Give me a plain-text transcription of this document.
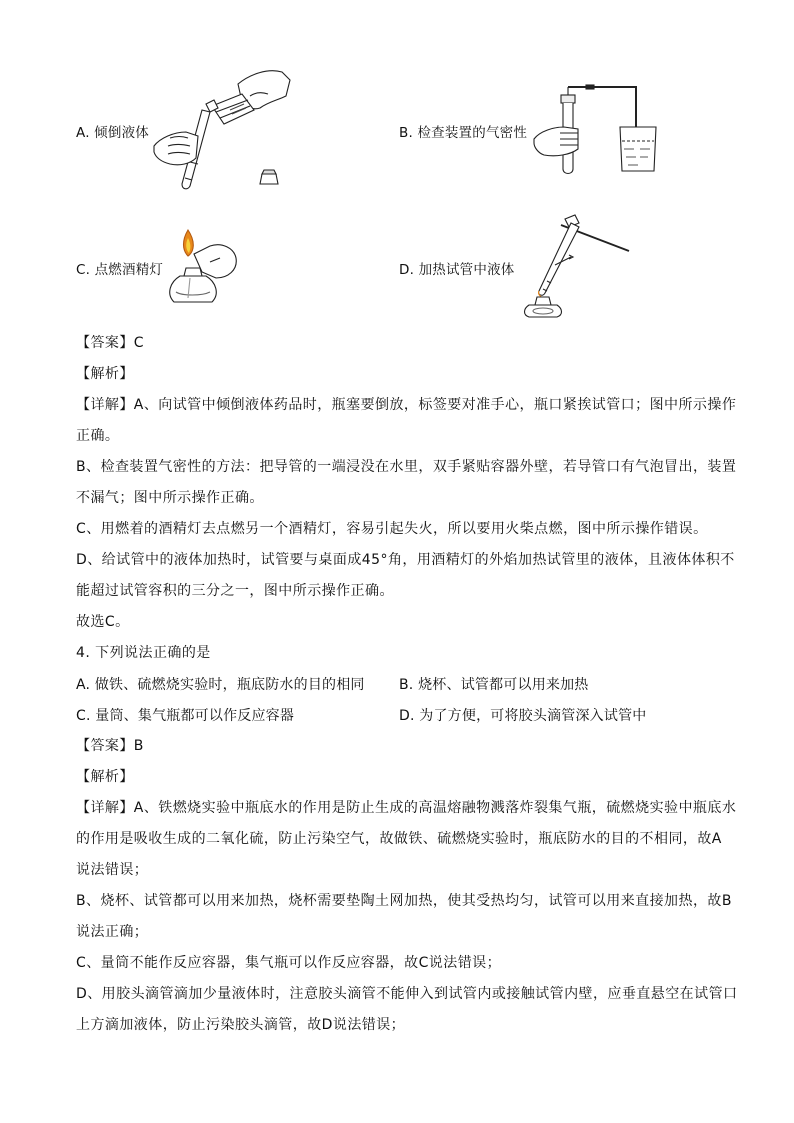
A. 倾倒液体	B. 检查装置的气密性
C. 点燃酒精灯	D. 加热试管中液体
【答案】C
【解析】
【详解】A、向试管中倾倒液体药品时，瓶塞要倒放，标签要对准手心，瓶口紧挨试管口；图中所示操作
正确。
B、检查装置气密性的方法：把导管的一端浸没在水里，双手紧贴容器外壁，若导管口有气泡冒出，装置
不漏气；图中所示操作正确。
C、用燃着的酒精灯去点燃另一个酒精灯，容易引起失火，所以要用火柴点燃，图中所示操作错误。
D、给试管中的液体加热时，试管要与桌面成45°角，用酒精灯的外焰加热试管里的液体，且液体体积不
能超过试管容积的三分之一，图中所示操作正确。
故选C。
4. 下列说法正确的是
A. 做铁、硫燃烧实验时，瓶底防水的目的相同 B. 烧杯、试管都可以用来加热
C. 量筒、集气瓶都可以作反应容器	D. 为了方便，可将胶头滴管深入试管中
【答案】B
【解析】
【详解】A、铁燃烧实验中瓶底水的作用是防止生成的高温熔融物溅落炸裂集气瓶，硫燃烧实验中瓶底水
的作用是吸收生成的二氧化硫，防止污染空气，故做铁、硫燃烧实验时，瓶底防水的目的不相同，故A
说法错误；
B、烧杯、试管都可以用来加热，烧杯需要垫陶土网加热，使其受热均匀，试管可以用来直接加热，故B
说法正确；
C、量筒不能作反应容器，集气瓶可以作反应容器，故C说法错误；
D、用胶头滴管滴加少量液体时，注意胶头滴管不能伸入到试管内或接触试管内壁，应垂直悬空在试管口
上方滴加液体，防止污染胶头滴管，故D说法错误；
